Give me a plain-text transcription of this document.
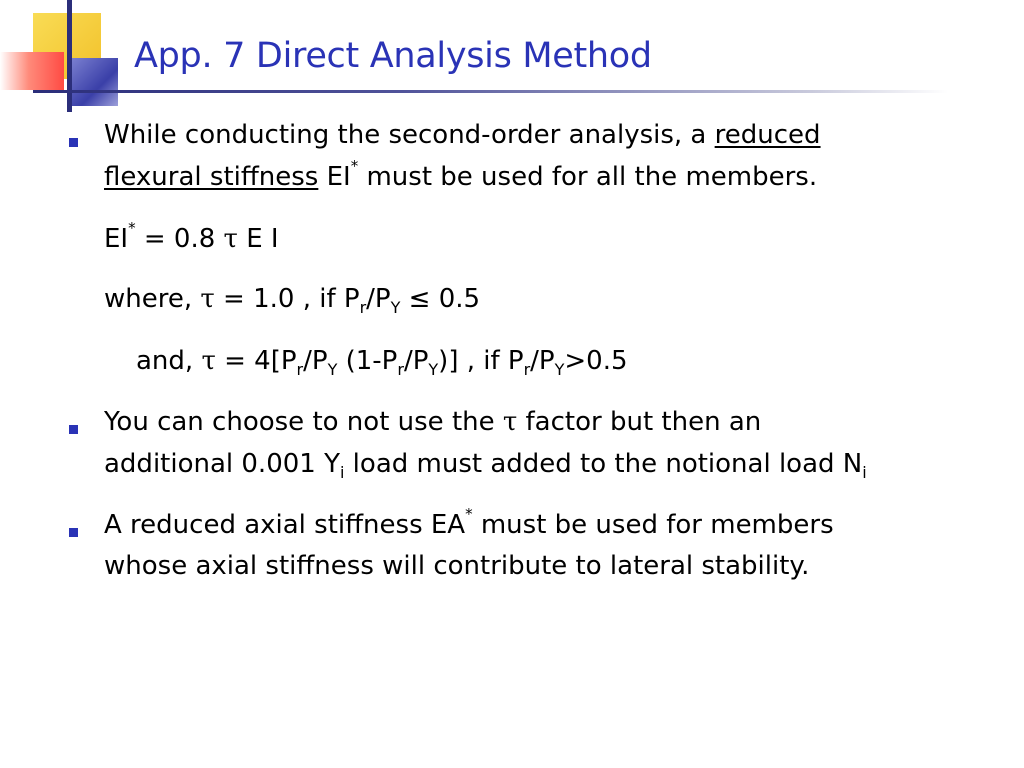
App. 7 Direct Analysis Method
While conducting the second-order analysis, a reduced
flexural stiffness EI* must be used for all the members.
EI* = 0.8 τ E I
where, τ = 1.0 , if $P_r/P_Y \le 0.5$
and, $\tau = 4[P_r/P_Y$ $(1-P_r/P_Y)$] , if $P_r/P_Y>0.5$
You can choose to not use the τ factor but then an
additional 0.001 $Y_i$ load must added to the notional load $N_i$
A reduced axial stiffness EA* must be used for members
whose axial stiffness will contribute to lateral stability.
